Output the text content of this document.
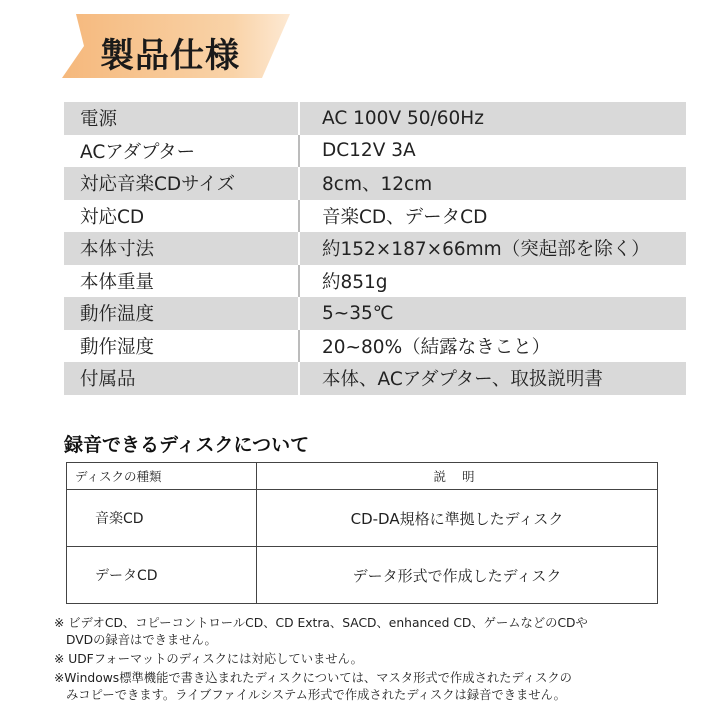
製品仕様
電源	AC 100V 50/60Hz
ACアダプター	DC12V 3A
対応音楽CDサイズ	8cm、12cm
対応CD	音楽CD、データCD
本体寸法	約152×187×66mm（突起部を除く）
本体重量	約851g
動作温度	5~35℃
動作湿度	20~80%（結露なきこと）
付属品	本体、ACアダプター、取扱説明書
録音できるディスクについて
ディスクの種類	説 明
音楽CD	CD-DA規格に準拠したディスク
データCD	データ形式で作成したディスク
※ ビデオCD、コピーコントロールCD、CD Extra、SACD、enhanced CD、ゲームなどのCDや
DVDの録音はできません。
※ UDFフォーマットのディスクには対応していません。
※Windows標準機能で書き込まれたディスクについては、マスタ形式で作成されたディスクの
みコピーできます。ライブファイルシステム形式で作成されたディスクは録音できません。
